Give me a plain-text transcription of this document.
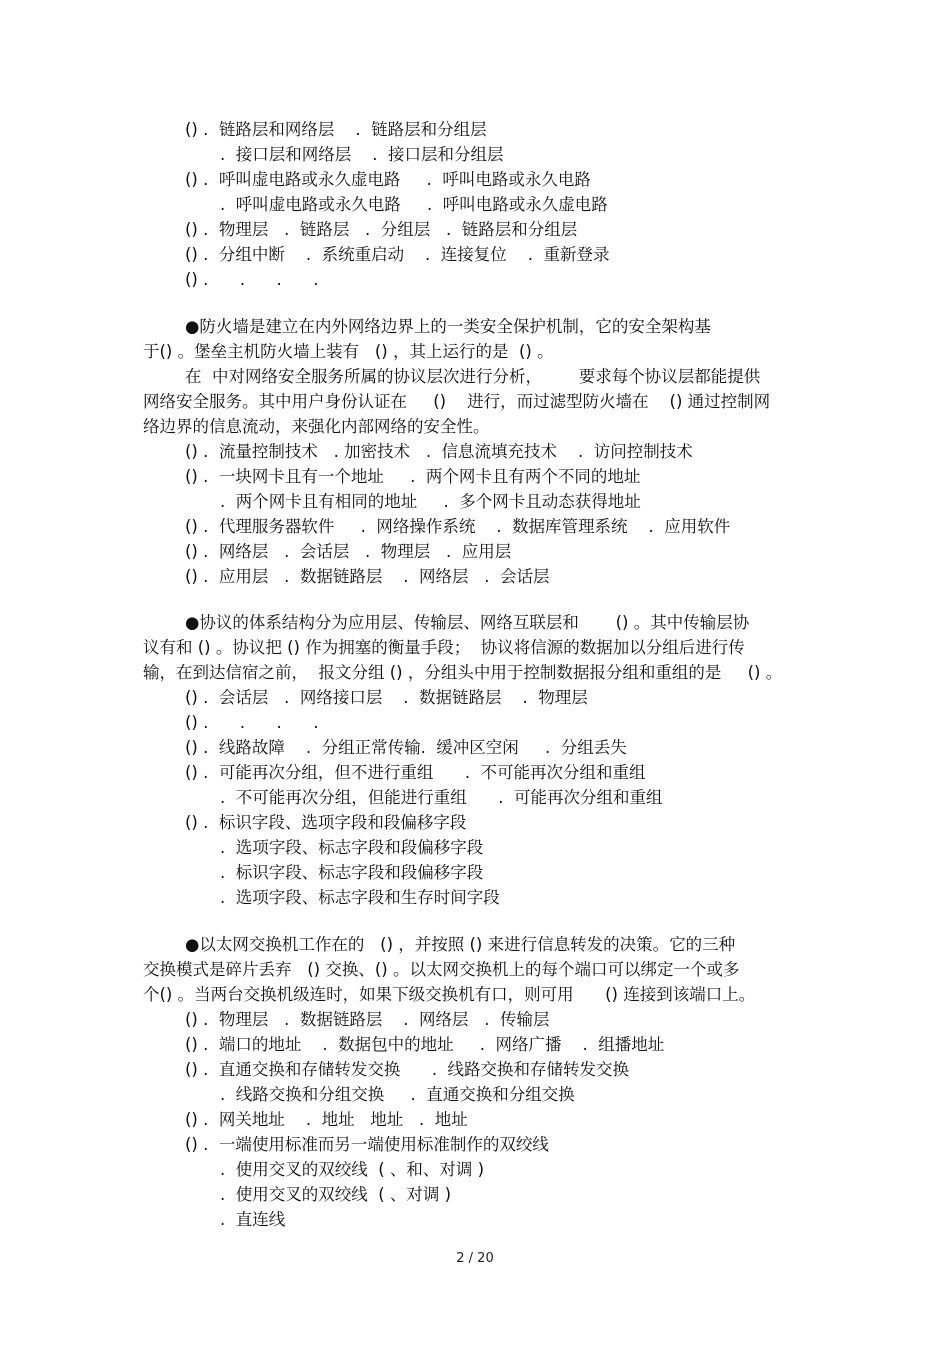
() .  链路层和网络层    .  链路层和分组层
.  接口层和网络层    .  接口层和分组层
() .  呼叫虚电路或永久虚电路     .  呼叫电路或永久电路
.  呼叫虚电路或永久电路     .  呼叫电路或永久虚电路
() .  物理层   .  链路层   .  分组层   .  链路层和分组层
() .  分组中断    .  系统重启动    .  连接复位    .  重新登录
() .      .      .      .
●防火墙是建立在内外网络边界上的一类安全保护机制，它的安全架构基
于() 。堡垒主机防火墙上装有   () ，其上运行的是  () 。
在  中对网络安全服务所属的协议层次进行分析，       要求每个协议层都能提供
网络安全服务。其中用户身份认证在     ()    进行，而过滤型防火墙在    () 通过控制网
络边界的信息流动，来强化内部网络的安全性。
() .  流量控制技术   . 加密技术   .  信息流填充技术    .  访问控制技术
() .  一块网卡且有一个地址     .  两个网卡且有两个不同的地址
.  两个网卡且有相同的地址     .  多个网卡且动态获得地址
() .  代理服务器软件     .  网络操作系统    .  数据库管理系统    .  应用软件
() .  网络层   .  会话层   .  物理层   .  应用层
() .  应用层   .  数据链路层    .  网络层   .  会话层
●协议的体系结构分为应用层、传输层、网络互联层和       () 。其中传输层协
议有和 () 。协议把 () 作为拥塞的衡量手段；  协议将信源的数据加以分组后进行传
输，在到达信宿之前，  报文分组 () ，分组头中用于控制数据报分组和重组的是     () 。
() .  会话层   .  网络接口层    .  数据链路层    .  物理层
() .      .      .      .
() .  线路故障    .  分组正常传输.  缓冲区空闲     .  分组丢失
() .  可能再次分组，但不进行重组      .  不可能再次分组和重组
.  不可能再次分组，但能进行重组      .  可能再次分组和重组
() .  标识字段、选项字段和段偏移字段
.  选项字段、标志字段和段偏移字段
.  标识字段、标志字段和段偏移字段
.  选项字段、标志字段和生存时间字段
●以太网交换机工作在的   () ，并按照 () 来进行信息转发的决策。它的三种
交换模式是碎片丢弃   () 交换、() 。以太网交换机上的每个端口可以绑定一个或多
个() 。当两台交换机级连时，如果下级交换机有口，则可用      () 连接到该端口上。
() .  物理层   .  数据链路层    .  网络层   .  传输层
() .  端口的地址    .  数据包中的地址     .  网络广播    .  组播地址
() .  直通交换和存储转发交换      .  线路交换和存储转发交换
.  线路交换和分组交换     .  直通交换和分组交换
() .  网关地址    .  地址   地址   .  地址
() .  一端使用标准而另一端使用标准制作的双绞线
.  使用交叉的双绞线  ( 、和、对调 )
.  使用交叉的双绞线  ( 、对调 )
.  直连线
2 / 20
